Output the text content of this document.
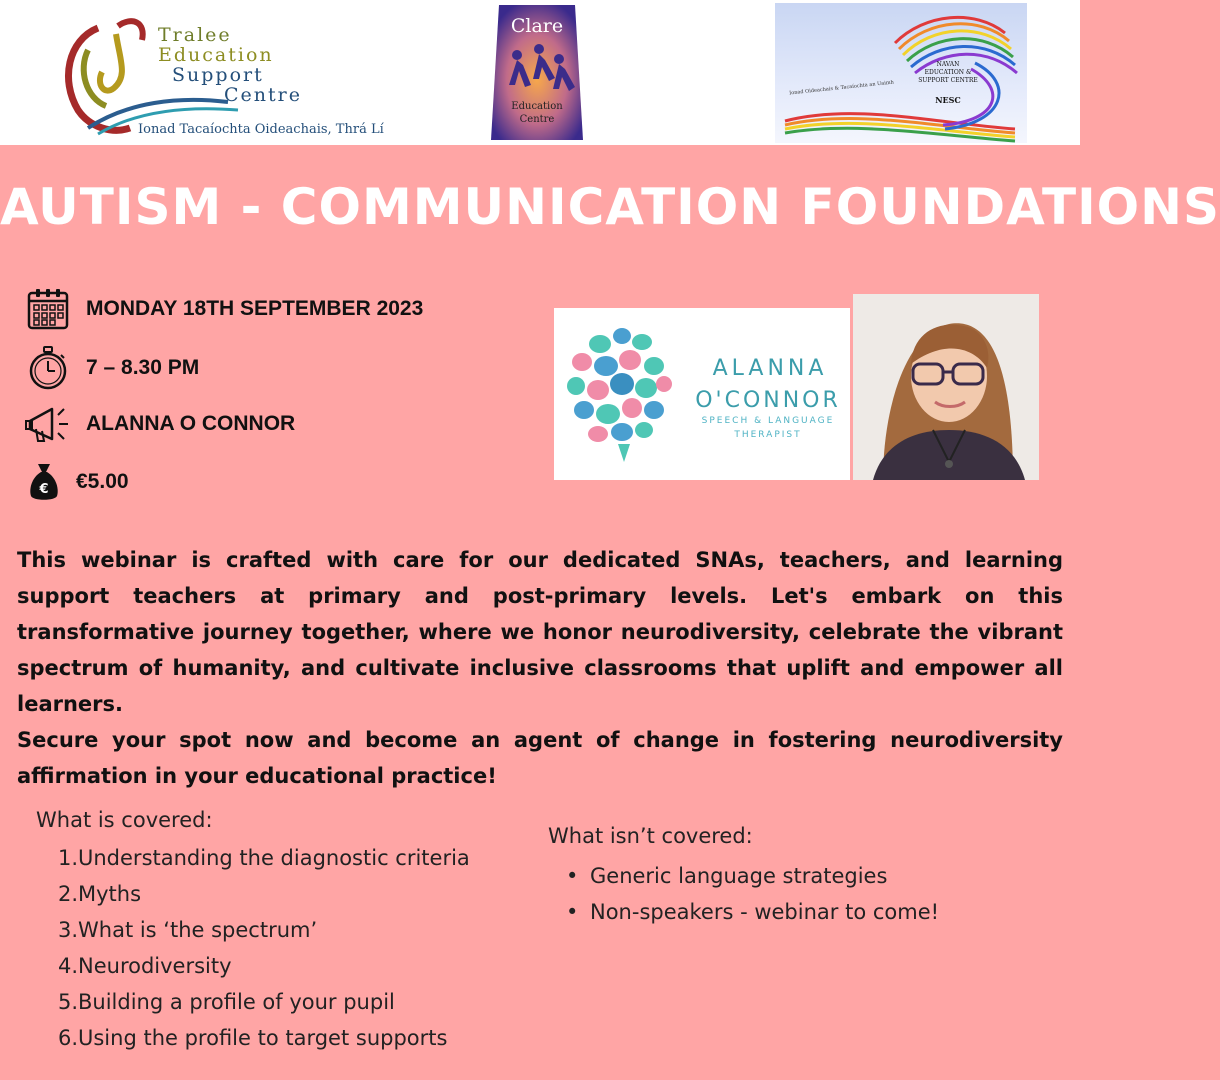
Tralee
Education
Support
Centre
Ionad Tacaíochta Oideachais, Thrá Lí
Clare
Education
Centre
Ionad Oideachais & Tacaíochta an Uaimh
NAVAN
EDUCATION &
SUPPORT CENTRE
NESC
AUTISM - COMMUNICATION FOUNDATIONS
MONDAY 18TH SEPTEMBER 2023
7 – 8.30 PM
ALANNA O CONNOR
€ €5.00
ALANNA
O'CONNOR
SPEECH & LANGUAGE
THERAPIST

This webinar is crafted with care for our dedicated SNAs, teachers, and learning support teachers at primary and post-primary levels. Let's embark on this transformative journey together, where we honor neurodiversity, celebrate the vibrant spectrum of humanity, and cultivate inclusive classrooms that uplift and empower all learners.

Secure your spot now and become an agent of change in fostering neurodiversity affirmation in your educational practice!

What is covered:
1.Understanding the diagnostic criteria
2.Myths
3.What is ‘the spectrum’
4.Neurodiversity
5.Building a profile of your pupil
6.Using the profile to target supports
What isn’t covered:
• Generic language strategies
• Non-speakers - webinar to come!
